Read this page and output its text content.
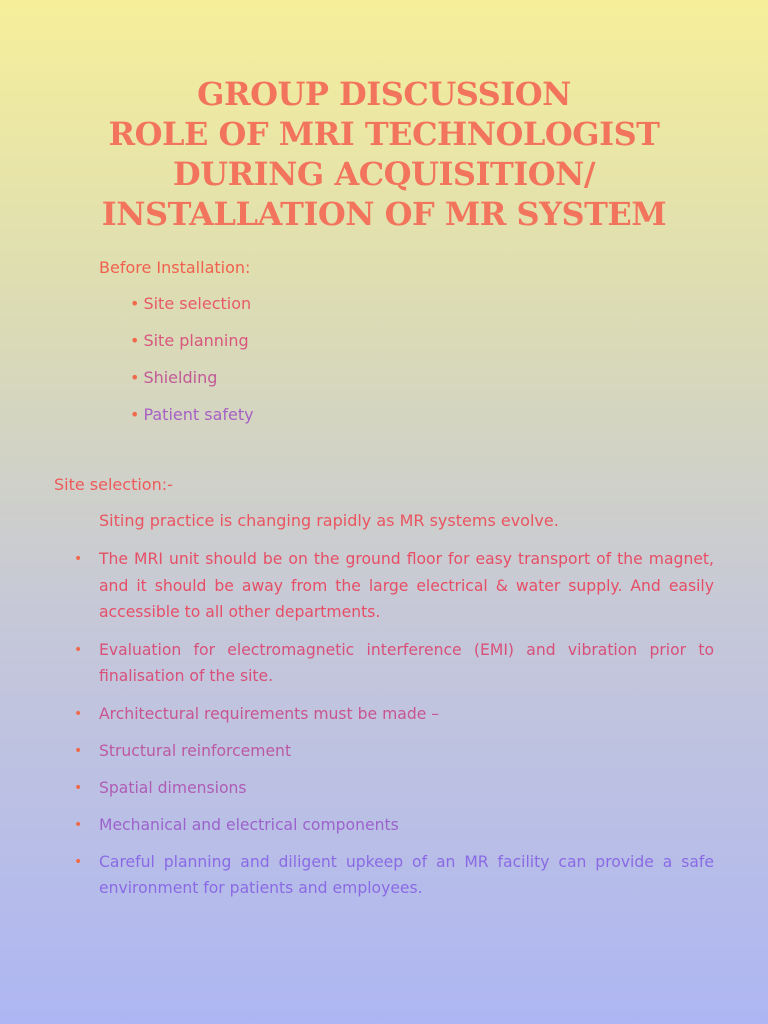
GROUP DISCUSSION
ROLE OF MRI TECHNOLOGIST
DURING ACQUISITION/
INSTALLATION OF MR SYSTEM
Before Installation:
• Site selection
• Site planning
• Shielding
• Patient safety
Site selection:-
Siting practice is changing rapidly as MR systems evolve.
• The MRI unit should be on the ground floor for easy transport of the magnet, and it should be away from the large electrical & water supply. And easily accessible to all other departments.
• Evaluation for electromagnetic interference (EMI) and vibration prior to finalisation of the site.
• Architectural requirements must be made –
• Structural reinforcement
• Spatial dimensions
• Mechanical and electrical components
• Careful planning and diligent upkeep of an MR facility can provide a safe environment for patients and employees.
